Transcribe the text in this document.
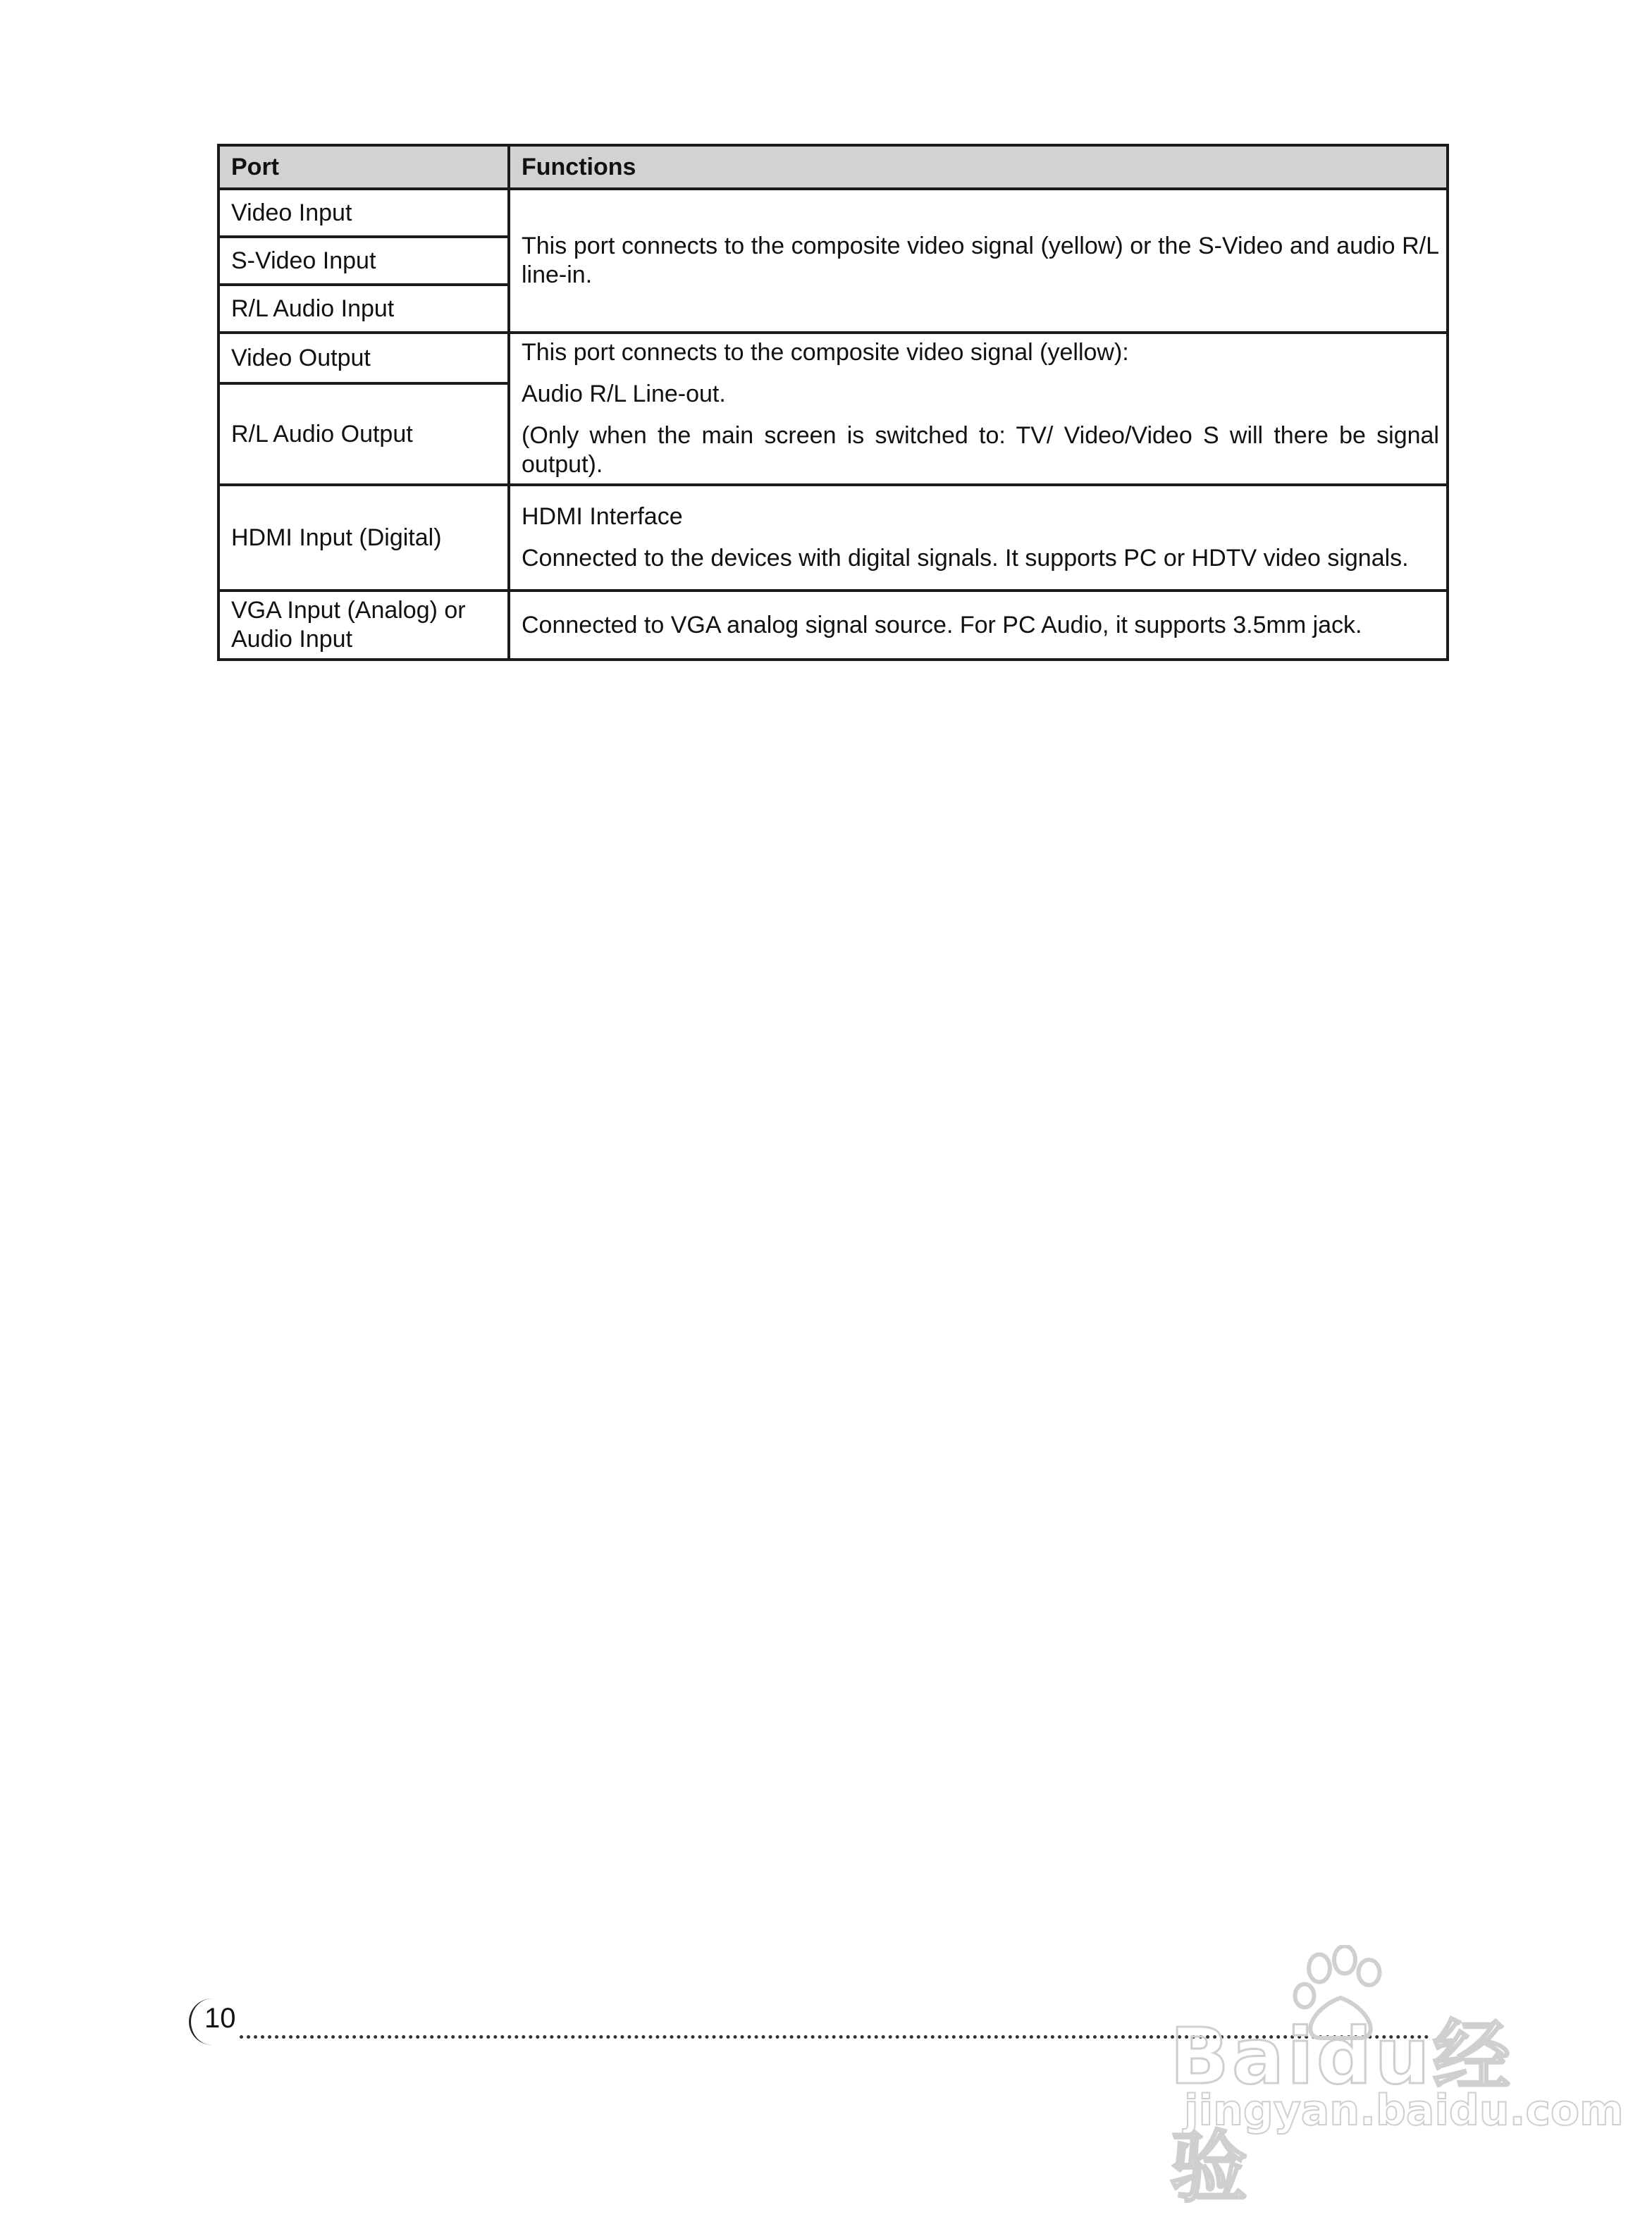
Port	Functions
Video Input	This port connects to the composite video signal (yellow) or the S-Video and audio R/L line-in.

S-Video Input	
R/L Audio Input	
Video Output	This port connects to the composite video signal (yellow):

Audio R/L Line-out.

(Only when the main screen is switched to: TV/ Video/Video S will there be signal output).

R/L Audio Output	
HDMI Input (Digital)	HDMI Interface

Connected to the devices with digital signals. It supports PC or HDTV video signals.

VGA Input (Analog) or Audio Input	Connected to VGA analog signal source. For PC Audio, it supports 3.5mm jack.

10	Baidu经验
jingyan.baidu.com
